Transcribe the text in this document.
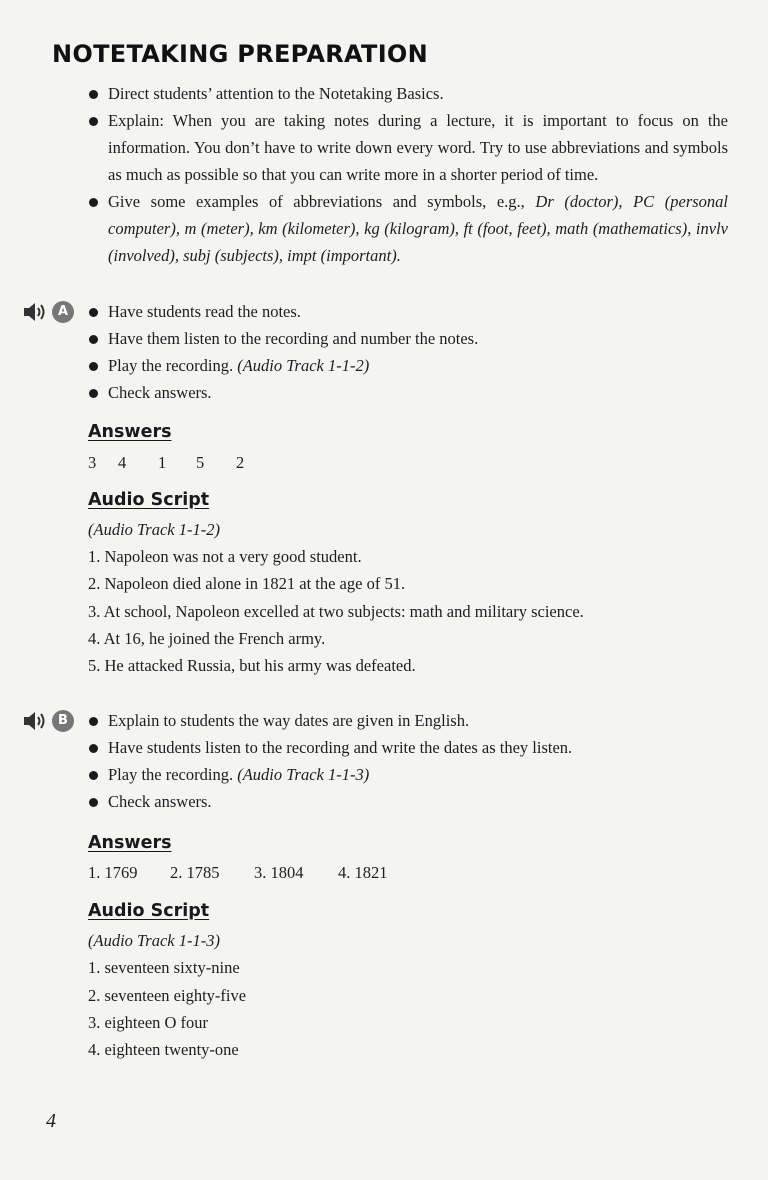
NOTETAKING PREPARATION
Direct students’ attention to the Notetaking Basics.
Explain: When you are taking notes during a lecture, it is important to focus on the information. You don’t have to write down every word. Try to use abbreviations and symbols as much as possible so that you can write more in a shorter period of time.
Give some examples of abbreviations and symbols, e.g., Dr (doctor), PC (personal computer), m (meter), km (kilometer), kg (kilogram), ft (foot, feet), math (mathematics), invlv (involved), subj (subjects), impt (important).
A	Have students read the notes.
Have them listen to the recording and number the notes.
Play the recording. (Audio Track 1-1-2)
Check answers.
Answers
3 4 1 5 2
Audio Script
(Audio Track 1-1-2)
1. Napoleon was not a very good student.
2. Napoleon died alone in 1821 at the age of 51.
3. At school, Napoleon excelled at two subjects: math and military science.
4. At 16, he joined the French army.
5. He attacked Russia, but his army was defeated.
B	Explain to students the way dates are given in English.
Have students listen to the recording and write the dates as they listen.
Play the recording. (Audio Track 1-1-3)
Check answers.
Answers
1. 1769 2. 1785 3. 1804 4. 1821
Audio Script
(Audio Track 1-1-3)
1. seventeen sixty-nine
2. seventeen eighty-five
3. eighteen O four
4. eighteen twenty-one
4
